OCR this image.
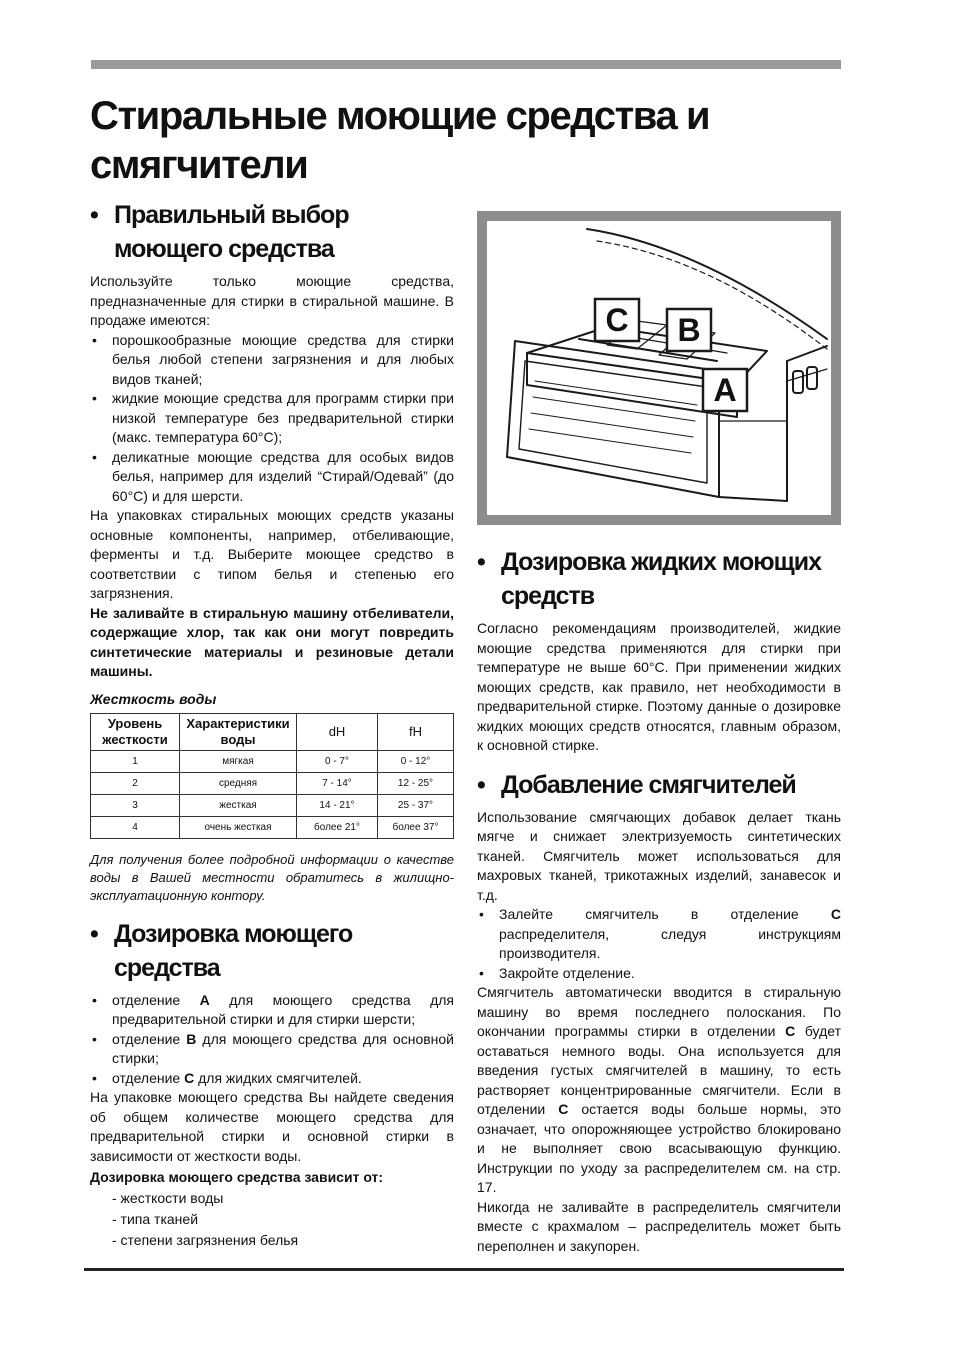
Стиральные моющие средства и смягчители
• Правильный выбор моющего средства

Используйте только моющие средства, предназначенные для стирки в стиральной машине. В продаже имеются:

• порошкообразные моющие средства для стирки белья любой степени загрязнения и для любых видов тканей;
• жидкие моющие средства для программ стирки при низкой температуре без предварительной стирки (макс. температура 60°С);
• деликатные моющие средства для особых видов белья, например для изделий “Стирай/Одевай” (до 60°С) и для шерсти.

На упаковках стиральных моющих средств указаны основные компоненты, например, отбеливающие, ферменты и т.д. Выберите моющее средство в соответствии с типом белья и степенью его загрязнения.

Не заливайте в стиральную машину отбеливатели, содержащие хлор, так как они могут повредить синтетические материалы и резиновые детали машины.

Жесткость воды
Уровень жесткости	Характеристики воды	dH	fH
1	мягкая	0 - 7°	0 - 12°
2	средняя	7 - 14°	12 - 25°
3	жесткая	14 - 21°	25 - 37°
4	очень жесткая	более 21°	более 37°

Для получения более подробной информации о качестве воды в Вашей местности обратитесь в жилищно-эксплуатационную контору.

• Дозировка моющего средства
• отделение A для моющего средства для предварительной стирки и для стирки шерсти;
• отделение B для моющего средства для основной стирки;
• отделение C для жидких смягчителей.

На упаковке моющего средства Вы найдете сведения об общем количестве моющего средства для предварительной стирки и основной стирки в зависимости от жесткости воды.

Дозировка моющего средства зависит от:

- жесткости воды
- типа тканей
- степени загрязнения белья
C B
A
• Дозировка жидких моющих средств

Согласно рекомендациям производителей, жидкие моющие средства применяются для стирки при температуре не выше 60°С. При применении жидких моющих средств, как правило, нет необходимости в предварительной стирке. Поэтому данные о дозировке жидких моющих средств относятся, главным образом, к основной стирке.

• Добавление смягчителей

Использование смягчающих добавок делает ткань мягче и снижает электризуемость синтетических тканей. Смягчитель может использоваться для махровых тканей, трикотажных изделий, занавесок и т.д.

• Залейте смягчитель в отделение С распределителя, следуя инструкциям производителя.
• Закройте отделение.

Смягчитель автоматически вводится в стиральную машину во время последнего полоскания. По окончании программы стирки в отделении С будет оставаться немного воды. Она используется для введения густых смягчителей в машину, то есть растворяет концентрированные смягчители. Если в отделении С остается воды больше нормы, это означает, что опорожняющее устройство блокировано и не выполняет свою всасывающую функцию. Инструкции по уходу за распределителем см. на стр. 17.

Никогда не заливайте в распределитель смягчители вместе с крахмалом – распределитель может быть переполнен и закупорен.
